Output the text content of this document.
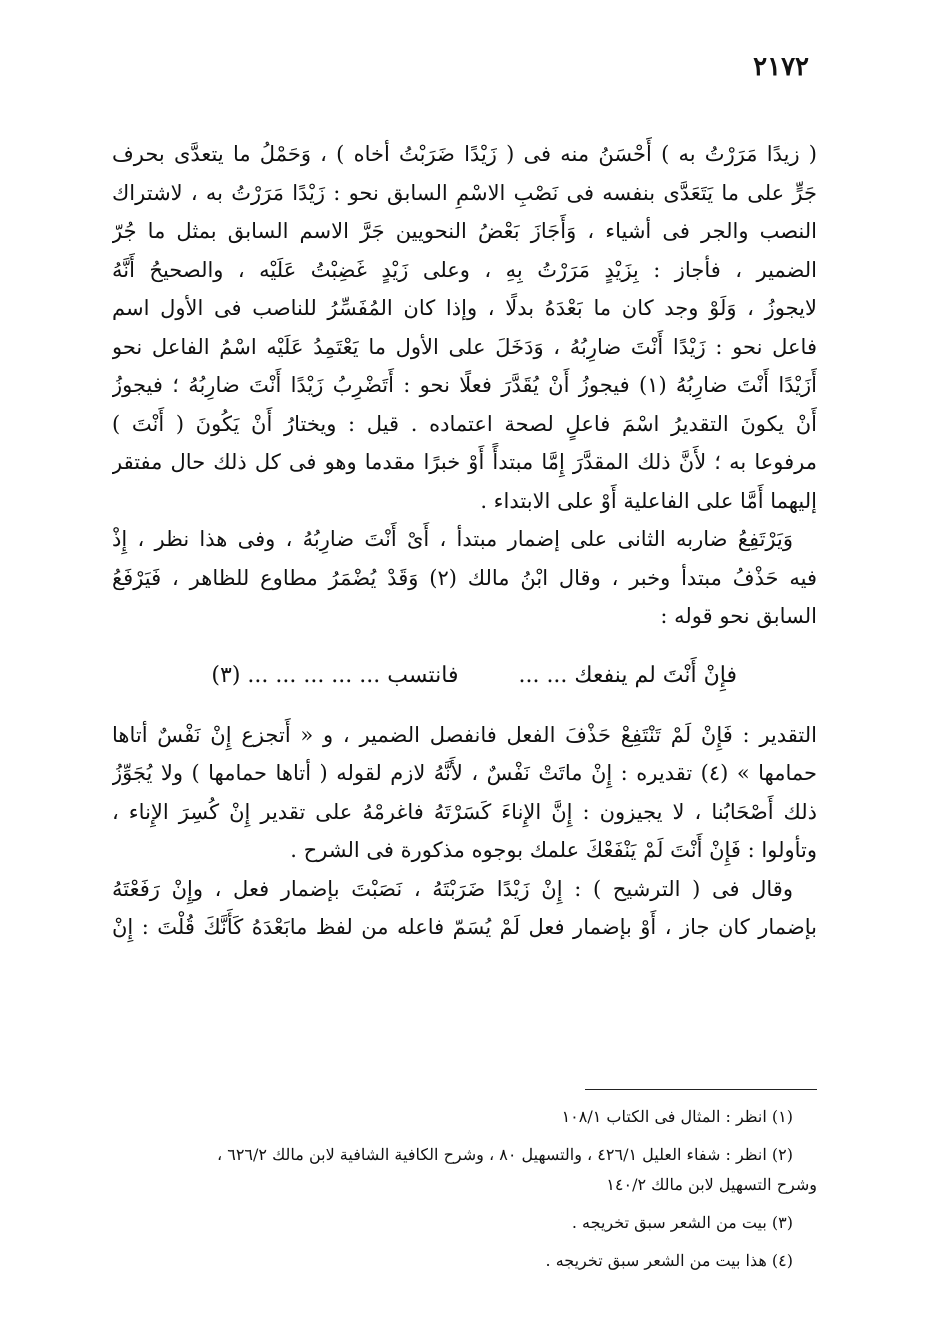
٢١٧٢
( زيدًا مَرَرْتُ به ) أَحْسَنُ منه فى ( زَيْدًا ضَرَبْتُ أخاه ) ، وَحَمْلُ ما يتعدَّى بحرف
جَرٍّ على ما يَتَعَدَّى بنفسه فى نَصْبِ الاسْمِ السابق نحو : زَيْدًا مَرَرْتُ به ، لاشتراك
النصب والجر فى أشياء ، وَأَجَازَ بَعْضُ النحويين جَرَّ الاسم السابق بمثل ما جُرّ
الضمير ، فأجاز : بِزَيْدٍ مَرَرْتُ بِهِ ، وعلى زَيْدٍ غَضِبْتُ عَلَيْه ، والصحيحُ أَنَّهُ
لايجوزُ ، وَلَوْ وجد كان ما بَعْدَهُ بدلًا ، وإذا كان المُفَسِّرُ للناصب فى الأول اسم
فاعل نحو : زَيْدًا أَنْتَ ضارِبُهُ ، وَدَخَلَ على الأول ما يَعْتَمِدُ عَلَيْه اسْمُ الفاعل نحو
أَزَيْدًا أَنْتَ ضارِبُهُ (١) فيجوزُ أَنْ يُقَدَّرَ فعلًا نحو : أَتَضْرِبُ زَيْدًا أَنْتَ ضارِبُهُ ؛ فيجوزُ
أَنْ يكونَ التقديرُ اسْمَ فاعلٍ لصحة اعتماده . قيل : ويختارُ أَنْ يَكُونَ ( أَنْتَ )
مرفوعا به ؛ لأَنَّ ذلك المقدَّرَ إِمَّا مبتدأً أَوْ خبرًا مقدما وهو فى كل ذلك حال مفتقر
إليهما أَمَّا على الفاعلية أَوْ على الابتداء .
وَيَرْتَفِعُ ضاربه الثانى على إضمار مبتدأ ، أَىْ أَنْتَ ضارِبُهُ ، وفى هذا نظر ، إِذْ
فيه حَذْفُ مبتدأ وخبر ، وقال ابْنُ مالك (٢) وَقَدْ يُضْمَرُ مطاوع للظاهر ، فَيَرْفَعُ
السابق نحو قوله :
فإِنْ أَنْتَ لم ينفعك ... ...فانتسب ... ... ... ... ... (٣)
التقدير : فَإِنْ لَمْ تَنْتَفِعْ حَذْفَ الفعل فانفصل الضمير ، و « أَتجزع إِنْ نَفْسٌ أتاها
حمامها » (٤) تقديره : إِنْ ماتَتْ نَفْسٌ ، لأَنَّهُ لازم لقوله ( أتاها حمامها ) ولا يُجَوِّزُ
ذلك أَصْحَابُنا ، لا يجيزون : إِنَّ الإِناءَ كَسَرْتَهُ فاغرمْهُ على تقدير إِنْ كُسِرَ الإِناء ،
وتأولوا : فَإِنْ أَنْتَ لَمْ يَنْفَعْكَ علمك بوجوه مذكورة فى الشرح .
وقال فى ( الترشيح ) : إِنْ زَيْدًا ضَرَبْتَهُ ، نَصَبْتَ بإضمار فعل ، وإِنْ رَفَعْتَهُ
بإضمار كان جاز ، أَوْ بإضمار فعل لَمْ يُسَمّ فاعله من لفظ مابَعْدَهُ كَأَنَّكَ قُلْتَ : إِنْ
(١) انظر : المثال فى الكتاب ١٠٨/١
(٢) انظر : شفاء العليل ٤٢٦/١ ، والتسهيل ٨٠ ، وشرح الكافية الشافية لابن مالك ٦٢٦/٢ ،
وشرح التسهيل لابن مالك ١٤٠/٢
(٣) بيت من الشعر سبق تخريجه .
(٤) هذا بيت من الشعر سبق تخريجه .
